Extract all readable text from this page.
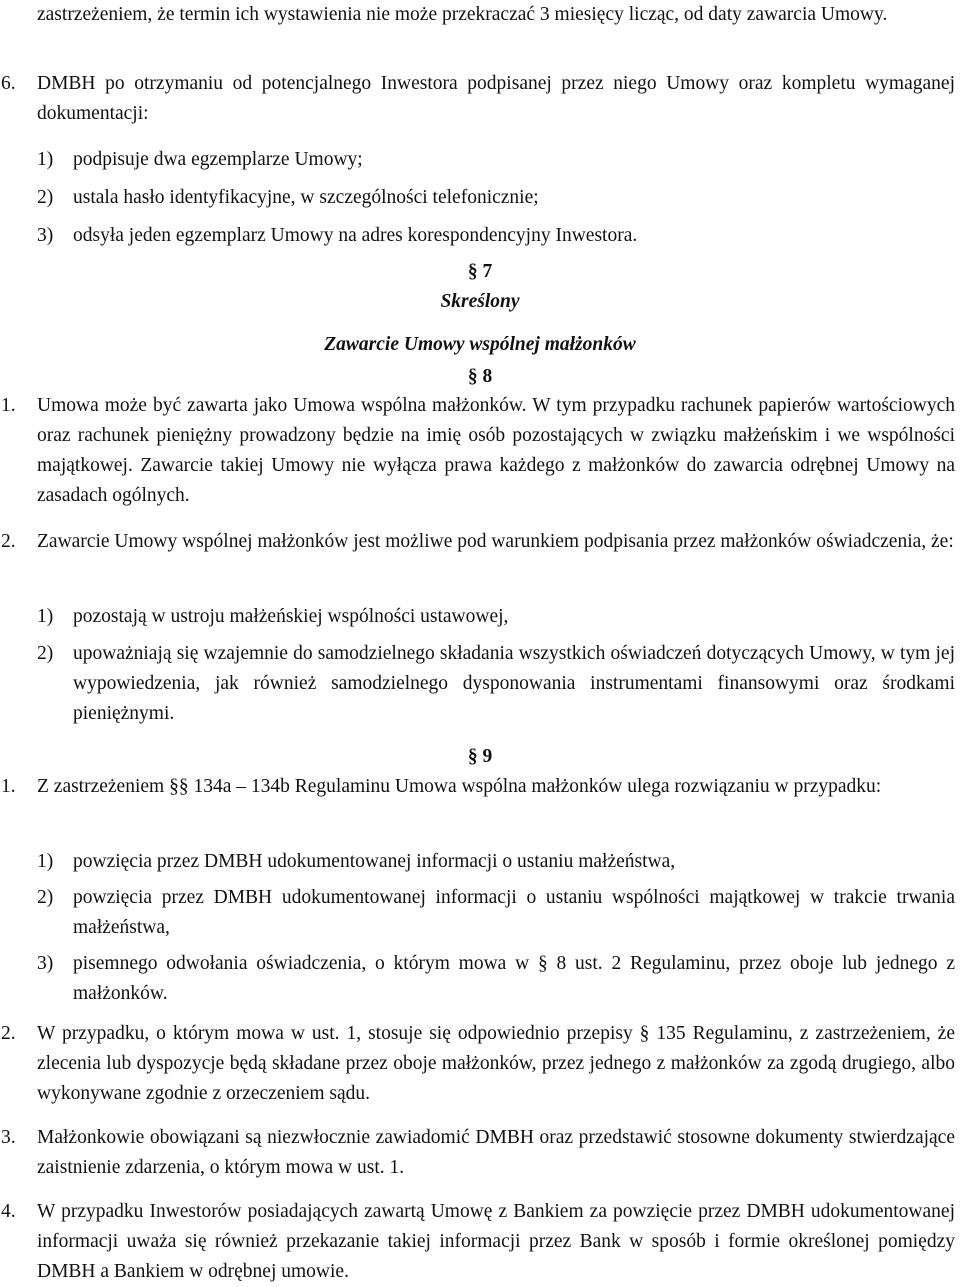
zastrzeżeniem, że termin ich wystawienia nie może przekraczać 3 miesięcy licząc, od daty zawarcia Umowy.
6. DMBH po otrzymaniu od potencjalnego Inwestora podpisanej przez niego Umowy oraz kompletu wymaganej dokumentacji:
1) podpisuje dwa egzemplarze Umowy;
2) ustala hasło identyfikacyjne, w szczególności telefonicznie;
3) odsyła jeden egzemplarz Umowy na adres korespondencyjny Inwestora.
§ 7
Skreślony
Zawarcie Umowy wspólnej małżonków
§ 8
1. Umowa może być zawarta jako Umowa wspólna małżonków. W tym przypadku rachunek papierów wartościowych oraz rachunek pieniężny prowadzony będzie na imię osób pozostających w związku małżeńskim i we wspólności majątkowej. Zawarcie takiej Umowy nie wyłącza prawa każdego z małżonków do zawarcia odrębnej Umowy na zasadach ogólnych.
2. Zawarcie Umowy wspólnej małżonków jest możliwe pod warunkiem podpisania przez małżonków oświadczenia, że:
1) pozostają w ustroju małżeńskiej wspólności ustawowej,
2) upoważniają się wzajemnie do samodzielnego składania wszystkich oświadczeń dotyczących Umowy, w tym jej wypowiedzenia, jak również samodzielnego dysponowania instrumentami finansowymi oraz środkami pieniężnymi.
§ 9
1. Z zastrzeżeniem §§ 134a – 134b Regulaminu Umowa wspólna małżonków ulega rozwiązaniu w przypadku:
1) powzięcia przez DMBH udokumentowanej informacji o ustaniu małżeństwa,
2) powzięcia przez DMBH udokumentowanej informacji o ustaniu wspólności majątkowej w trakcie trwania małżeństwa,
3) pisemnego odwołania oświadczenia, o którym mowa w § 8 ust. 2 Regulaminu, przez oboje lub jednego z małżonków.
2. W przypadku, o którym mowa w ust. 1, stosuje się odpowiednio przepisy § 135 Regulaminu, z zastrzeżeniem, że zlecenia lub dyspozycje będą składane przez oboje małżonków, przez jednego z małżonków za zgodą drugiego, albo wykonywane zgodnie z orzeczeniem sądu.
3. Małżonkowie obowiązani są niezwłocznie zawiadomić DMBH oraz przedstawić stosowne dokumenty stwierdzające zaistnienie zdarzenia, o którym mowa w ust. 1.
4. W przypadku Inwestorów posiadających zawartą Umowę z Bankiem za powzięcie przez DMBH udokumentowanej informacji uważa się również przekazanie takiej informacji przez Bank w sposób i formie określonej pomiędzy DMBH a Bankiem w odrębnej umowie.
